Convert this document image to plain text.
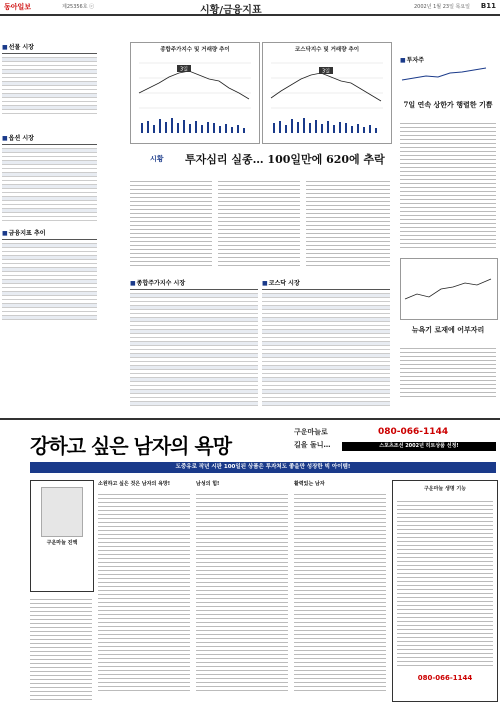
동아일보	제25356호 ⓒ	시황/금융지표	2002년 1월 23일 목요일 B11
■ 선물 시장
■ 옵션 시장
■ 금융지표 추이
종합주가지수 및 거래량 추이
3일
코스닥지수 및 거래량 추이
3일
시황 투자심리 실종… 100일만에 620에 추락
■ 종합주가지수 시장
■	코스닥 시장
■ 투자주
7일 연속 상한가 행렬한 기쁨
뉴욕기 로재에 어부자리
강하고 싶은 남자의 욕망
구운마늘로
길을 돌니…
080-066-1144
스포츠조선 2002년 히트상품 선정!
도중유로 작년 시판 100일된 상품은 투자쳐도 좋을만 성장한 빅 아이템!
구운마늘 진액
소원하고 싶은 것은 남자의 욕망!	남성의 힘!	활력있는 남자
구운마늘 생명 기능
080-066-1144
